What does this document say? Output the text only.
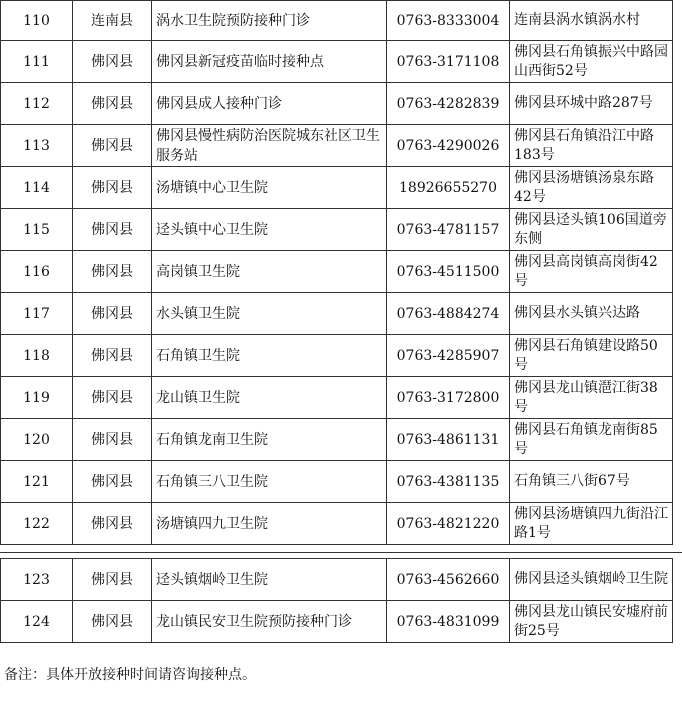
110	连南县	涡水卫生院预防接种门诊	0763-8333004	连南县涡水镇涡水村
111	佛冈县	佛冈县新冠疫苗临时接种点	0763-3171108	佛冈县石角镇振兴中路园山西街52号
112	佛冈县	佛冈县成人接种门诊	0763-4282839	佛冈县环城中路287号
113	佛冈县	佛冈县慢性病防治医院城东社区卫生服务站	0763-4290026	佛冈县石角镇沿江中路183号
114	佛冈县	汤塘镇中心卫生院	18926655270	佛冈县汤塘镇汤泉东路42号
115	佛冈县	迳头镇中心卫生院	0763-4781157	佛冈县迳头镇106国道旁东侧
116	佛冈县	高岗镇卫生院	0763-4511500	佛冈县高岗镇高岗街42号
117	佛冈县	水头镇卫生院	0763-4884274	佛冈县水头镇兴达路
118	佛冈县	石角镇卫生院	0763-4285907	佛冈县石角镇建设路50号
119	佛冈县	龙山镇卫生院	0763-3172800	佛冈县龙山镇潖江街38号
120	佛冈县	石角镇龙南卫生院	0763-4861131	佛冈县石角镇龙南街85号
121	佛冈县	石角镇三八卫生院	0763-4381135	石角镇三八街67号
122	佛冈县	汤塘镇四九卫生院	0763-4821220	佛冈县汤塘镇四九街沿江路1号
123	佛冈县	迳头镇烟岭卫生院	0763-4562660	佛冈县迳头镇烟岭卫生院
124	佛冈县	龙山镇民安卫生院预防接种门诊	0763-4831099	佛冈县龙山镇民安墟府前街25号
备注：具体开放接种时间请咨询接种点。
